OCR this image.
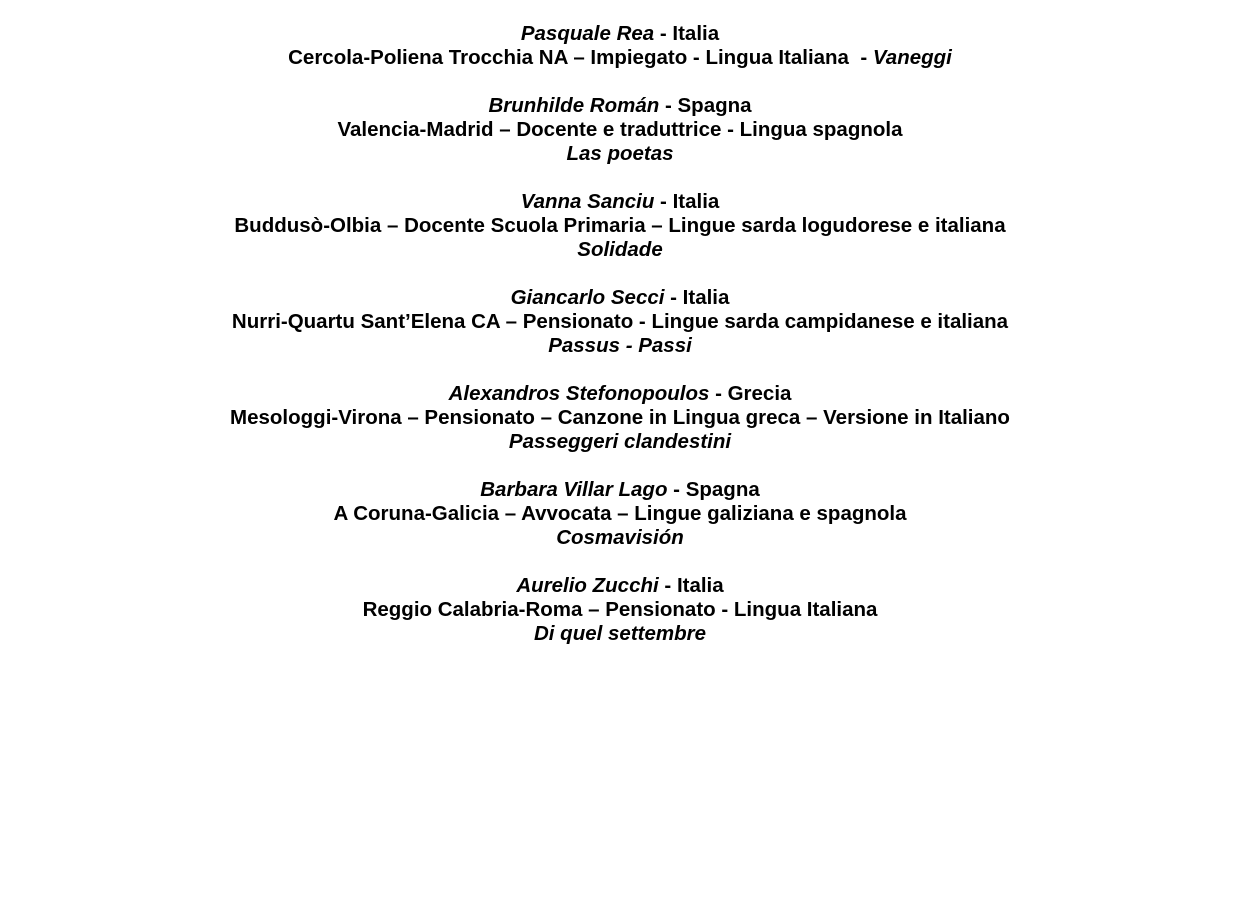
Pasquale Rea - Italia
Cercola-Poliena Trocchia NA – Impiegato - Lingua Italiana  - Vaneggi
Brunhilde Román - Spagna
Valencia-Madrid – Docente e traduttrice - Lingua spagnola
Las poetas
Vanna Sanciu - Italia
Buddusò-Olbia – Docente Scuola Primaria – Lingue sarda logudorese e italiana
Solidade
Giancarlo Secci - Italia
Nurri-Quartu Sant’Elena CA – Pensionato - Lingue sarda campidanese e italiana
Passus - Passi
Alexandros Stefonopoulos - Grecia
Mesologgi-Virona – Pensionato – Canzone in Lingua greca – Versione in Italiano
Passeggeri clandestini
Barbara Villar Lago - Spagna
A Coruna-Galicia – Avvocata – Lingue galiziana e spagnola
Cosmavisión
Aurelio Zucchi - Italia
Reggio Calabria-Roma – Pensionato - Lingua Italiana
Di quel settembre
